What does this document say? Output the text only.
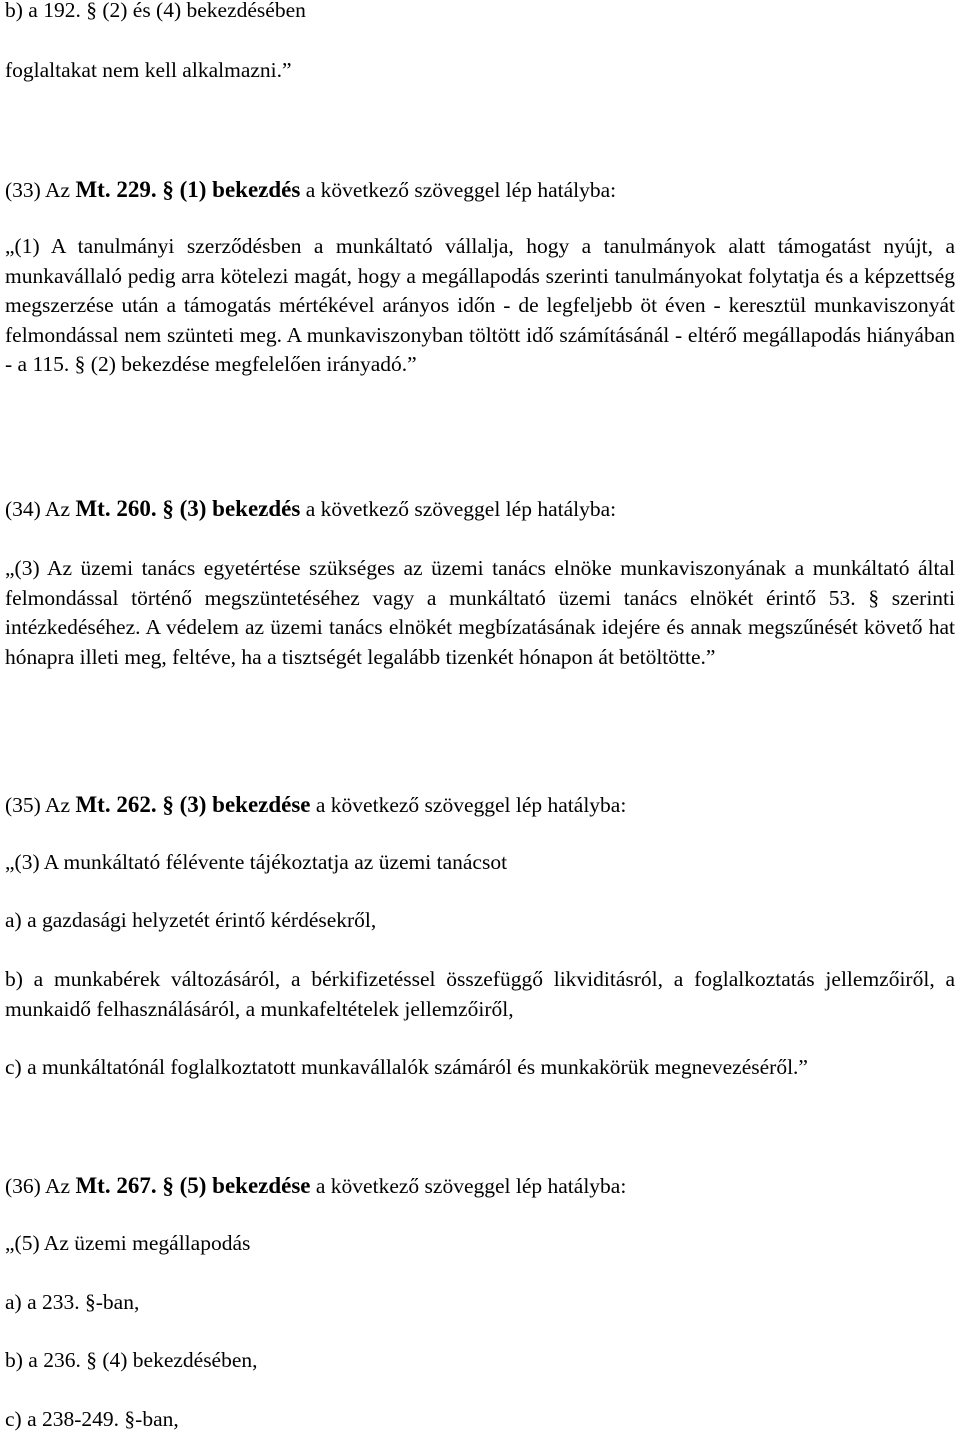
b) a 192. § (2) és (4) bekezdésében
foglaltakat nem kell alkalmazni.”
(33) Az Mt. 229. § (1) bekezdés a következő szöveggel lép hatályba:
„(1) A tanulmányi szerződésben a munkáltató vállalja, hogy a tanulmányok alatt támogatást nyújt, a munkavállaló pedig arra kötelezi magát, hogy a megállapodás szerinti tanulmányokat folytatja és a képzettség megszerzése után a támogatás mértékével arányos időn - de legfeljebb öt éven - keresztül munkaviszonyát felmondással nem szünteti meg. A munkaviszonyban töltött idő számításánál - eltérő megállapodás hiányában - a 115. § (2) bekezdése megfelelően irányadó.”
(34) Az Mt. 260. § (3) bekezdés a következő szöveggel lép hatályba:
„(3) Az üzemi tanács egyetértése szükséges az üzemi tanács elnöke munkaviszonyának a munkáltató által felmondással történő megszüntetéséhez vagy a munkáltató üzemi tanács elnökét érintő 53. § szerinti intézkedéséhez. A védelem az üzemi tanács elnökét megbízatásának idejére és annak megszűnését követő hat hónapra illeti meg, feltéve, ha a tisztségét legalább tizenkét hónapon át betöltötte.”
(35) Az Mt. 262. § (3) bekezdése a következő szöveggel lép hatályba:
„(3) A munkáltató félévente tájékoztatja az üzemi tanácsot
a) a gazdasági helyzetét érintő kérdésekről,
b) a munkabérek változásáról, a bérkifizetéssel összefüggő likviditásról, a foglalkoztatás jellemzőiről, a munkaidő felhasználásáról, a munkafeltételek jellemzőiről,
c) a munkáltatónál foglalkoztatott munkavállalók számáról és munkakörük megnevezéséről.”
(36) Az Mt. 267. § (5) bekezdése a következő szöveggel lép hatályba:
„(5) Az üzemi megállapodás
a) a 233. §-ban,
b) a 236. § (4) bekezdésében,
c) a 238-249. §-ban,
